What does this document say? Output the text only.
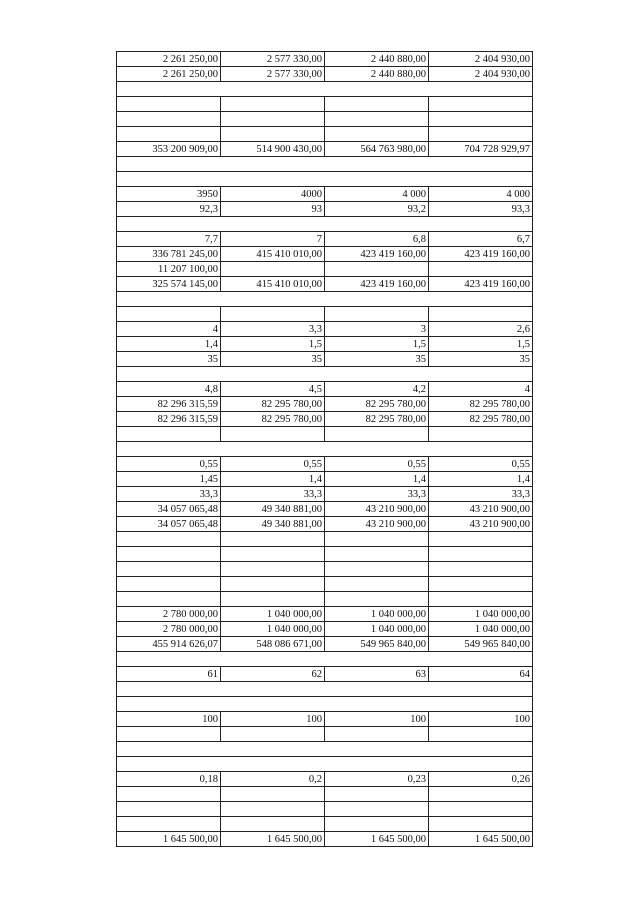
2 261 250,00	2 577 330,00	2 440 880,00	2 404 930,00
2 261 250,00	2 577 330,00	2 440 880,00	2 404 930,00

353 200 909,00	514 900 430,00	564 763 980,00	704 728 929,97

3950	4000	4 000	4 000
92,3	93	93,2	93,3

7,7	7	6,8	6,7
336 781 245,00	415 410 010,00	423 419 160,00	423 419 160,00
11 207 100,00			
325 574 145,00	415 410 010,00	423 419 160,00	423 419 160,00

4	3,3	3	2,6
1,4	1,5	1,5	1,5
35	35	35	35

4,8	4,5	4,2	4
82 296 315,59	82 295 780,00	82 295 780,00	82 295 780,00
82 296 315,59	82 295 780,00	82 295 780,00	82 295 780,00

0,55	0,55	0,55	0,55
1,45	1,4	1,4	1,4
33,3	33,3	33,3	33,3
34 057 065,48	49 340 881,00	43 210 900,00	43 210 900,00
34 057 065,48	49 340 881,00	43 210 900,00	43 210 900,00

2 780 000,00	1 040 000,00	1 040 000,00	1 040 000,00
2 780 000,00	1 040 000,00	1 040 000,00	1 040 000,00
455 914 626,07	548 086 671,00	549 965 840,00	549 965 840,00

61	62	63	64

100	100	100	100

0,18	0,2	0,23	0,26

1 645 500,00	1 645 500,00	1 645 500,00	1 645 500,00
